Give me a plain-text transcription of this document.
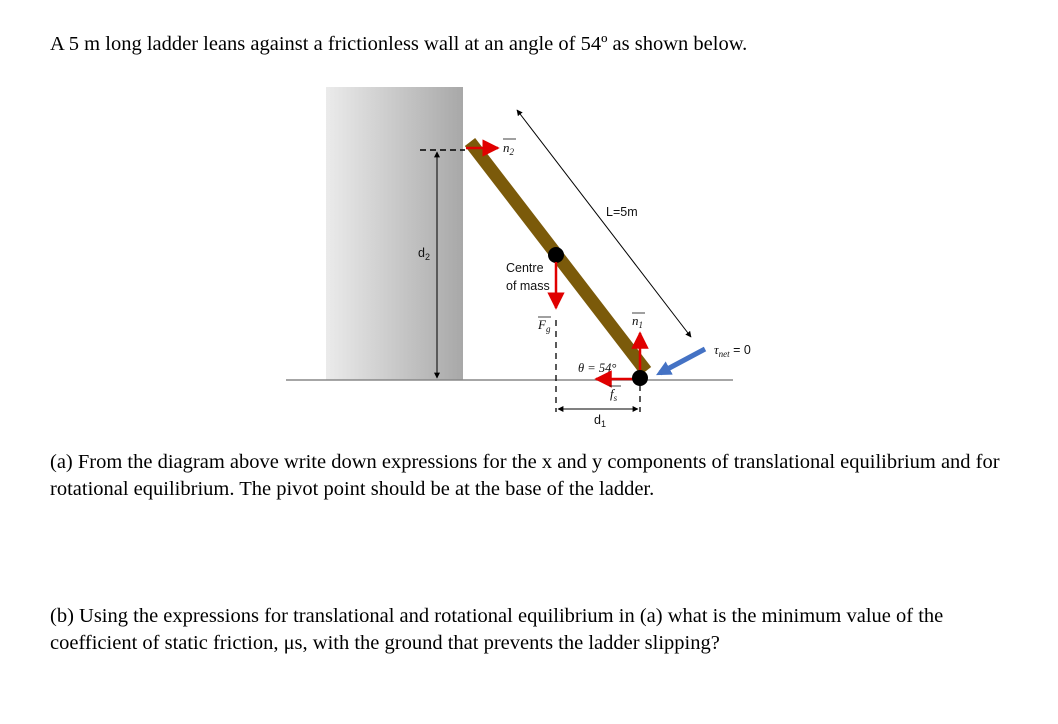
A 5 m long ladder leans against a frictionless wall at an angle of 54º as shown below.

L=5m
$d_2$
$n_2$
Centre
of mass
$F_g$
$d_1$
$n_1$
θ = 54°
$f_s$
$\tau_{net} = 0$

(a) From the diagram above write down expressions for the x and y components of translational equilibrium and for rotational equilibrium. The pivot point should be at the base of the ladder.

(b) Using the expressions for translational and rotational equilibrium in (a) what is the minimum value of the coefficient of static friction, μs, with the ground that prevents the ladder slipping?
